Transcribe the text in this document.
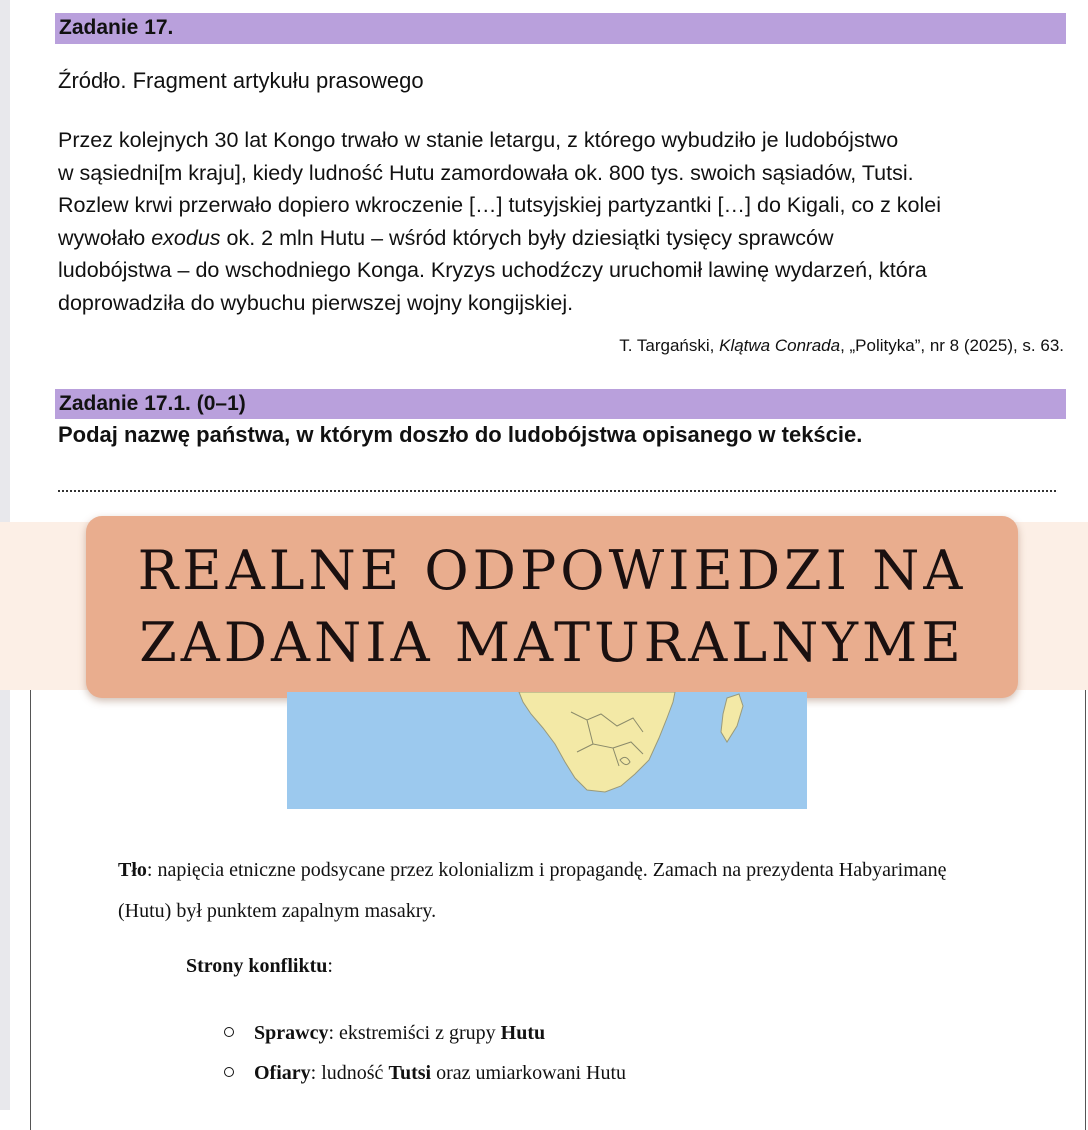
Zadanie 17.
Źródło. Fragment artykułu prasowego
Przez kolejnych 30 lat Kongo trwało w stanie letargu, z którego wybudziło je ludobójstwo
w sąsiedni[m kraju], kiedy ludność Hutu zamordowała ok. 800 tys. swoich sąsiadów, Tutsi.
Rozlew krwi przerwało dopiero wkroczenie […] tutsyjskiej partyzantki […] do Kigali, co z kolei
wywołało exodus ok. 2 mln Hutu – wśród których były dziesiątki tysięcy sprawców
ludobójstwa – do wschodniego Konga. Kryzys uchodźczy uruchomił lawinę wydarzeń, która
doprowadziła do wybuchu pierwszej wojny kongijskiej.
T. Targański, Klątwa Conrada, „Polityka”, nr 8 (2025), s. 63.
Zadanie 17.1. (0–1)
Podaj nazwę państwa, w którym doszło do ludobójstwa opisanego w tekście.
REALNE ODPOWIEDZI NA
ZADANIA MATURALNYME
Tło: napięcia etniczne podsycane przez kolonializm i propagandę. Zamach na prezydenta Habyarimanę (Hutu) był punktem zapalnym masakry.
Strony konfliktu:
Sprawcy: ekstremiści z grupy Hutu
Ofiary: ludność Tutsi oraz umiarkowani Hutu
